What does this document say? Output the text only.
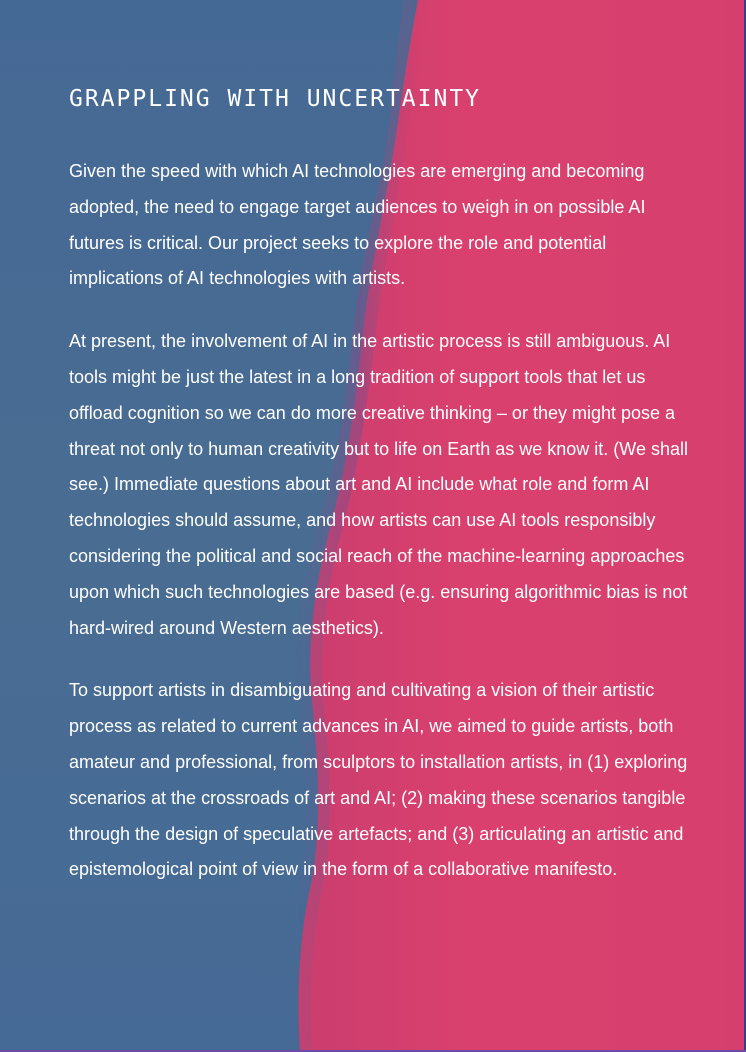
GRAPPLING WITH UNCERTAINTY

Given the speed with which AI technologies are emerging and becoming adopted, the need to engage target audiences to weigh in on possible AI futures is critical. Our project seeks to explore the role and potential implications of AI technologies with artists.

At present, the involvement of AI in the artistic process is still ambiguous. AI tools might be just the latest in a long tradition of support tools that let us offload cognition so we can do more creative thinking – or they might pose a threat not only to human creativity but to life on Earth as we know it. (We shall see.) Immediate questions about art and AI include what role and form AI technologies should assume, and how artists can use AI tools responsibly considering the political and social reach of the machine-learning approaches upon which such technologies are based (e.g. ensuring algorithmic bias is not hard-wired around Western aesthetics).

To support artists in disambiguating and cultivating a vision of their artistic process as related to current advances in AI, we aimed to guide artists, both amateur and professional, from sculptors to installation artists, in (1) exploring scenarios at the crossroads of art and AI; (2) making these scenarios tangible through the design of speculative artefacts; and (3) articulating an artistic and epistemological point of view in the form of a collaborative manifesto.
